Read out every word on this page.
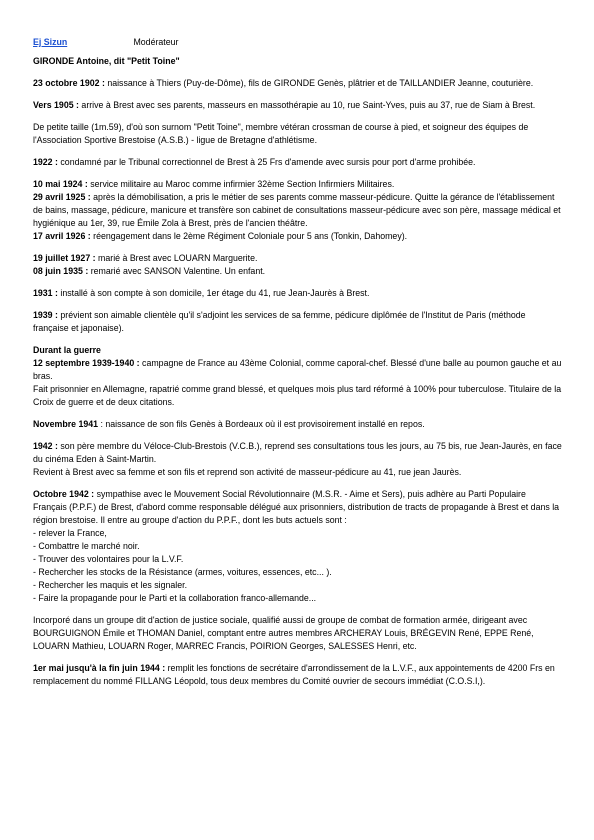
Ej Sizun	Modérateur
GIRONDE Antoine, dit "Petit Toine"

23 octobre 1902 : naissance à Thiers (Puy-de-Dôme), fils de GIRONDE Genès, plâtrier et de TAILLANDIER Jeanne, couturière.

Vers 1905 : arrive à Brest avec ses parents, masseurs en massothérapie au 10, rue Saint-Yves, puis au 37, rue de Siam à Brest.

De petite taille (1m.59), d'où son surnom "Petit Toine", membre vétéran crossman de course à pied, et soigneur des équipes de l'Association Sportive Brestoise (A.S.B.) - ligue de Bretagne d'athlétisme.

1922 : condamné par le Tribunal correctionnel de Brest à 25 Frs d'amende avec sursis pour port d'arme prohibée.

10 mai 1924 : service militaire au Maroc comme infirmier 32ème Section Infirmiers Militaires.
29 avril 1925 : après la démobilisation, a pris le métier de ses parents comme masseur-pédicure. Quitte la gérance de l'établissement de bains, massage, pédicure, manicure et transfère son cabinet de consultations masseur-pédicure avec son père, massage médical et hygiénique au 1er, 39, rue Émile Zola à Brest, près de l'ancien théâtre.
17 avril 1926 : réengagement dans le 2ème Régiment Coloniale pour 5 ans (Tonkin, Dahomey).

19 juillet 1927 : marié à Brest avec LOUARN Marguerite.
08 juin 1935 : remarié avec SANSON Valentine. Un enfant.

1931 : installé à son compte à son domicile, 1er étage du 41, rue Jean-Jaurès à Brest.

1939 : prévient son aimable clientèle qu'il s'adjoint les services de sa femme, pédicure diplômée de l'Institut de Paris (méthode française et japonaise).

Durant la guerre
12 septembre 1939-1940 : campagne de France au 43ème Colonial, comme caporal-chef. Blessé d'une balle au poumon gauche et au bras.
Fait prisonnier en Allemagne, rapatrié comme grand blessé, et quelques mois plus tard réformé à 100% pour tuberculose. Titulaire de la Croix de guerre et de deux citations.

Novembre 1941 : naissance de son fils Genès à Bordeaux où il est provisoirement installé en repos.

1942 : son père membre du Véloce-Club-Brestois (V.C.B.), reprend ses consultations tous les jours, au 75 bis, rue Jean-Jaurès, en face du cinéma Eden à Saint-Martin.
Revient à Brest avec sa femme et son fils et reprend son activité de masseur-pédicure au 41, rue jean Jaurès.

Octobre 1942 : sympathise avec le Mouvement Social Révolutionnaire (M.S.R. - Aime et Sers), puis adhère au Parti Populaire Français (P.P.F.) de Brest, d'abord comme responsable délégué aux prisonniers, distribution de tracts de propagande à Brest et dans la région brestoise. Il entre au groupe d'action du P.P.F., dont les buts actuels sont :

- relever la France,
- Combattre le marché noir.
- Trouver des volontaires pour la L.V.F.
- Rechercher les stocks de la Résistance (armes, voitures, essences, etc... ).
- Rechercher les maquis et les signaler.
- Faire la propagande pour le Parti et la collaboration franco-allemande...

Incorporé dans un groupe dit d'action de justice sociale, qualifié aussi de groupe de combat de formation armée, dirigeant avec BOURGUIGNON Émile et THOMAN Daniel, comptant entre autres membres ARCHERAY Louis, BRÉGEVIN René, EPPE René, LOUARN Mathieu, LOUARN Roger, MARREC Francis, POIRION Georges, SALESSES Henri, etc.

1er mai jusqu'à la fin juin 1944 : remplit les fonctions de secrétaire d'arrondissement de la L.V.F., aux appointements de 4200 Frs en remplacement du nommé FILLANG Léopold, tous deux membres du Comité ouvrier de secours immédiat (C.O.S.I,).
